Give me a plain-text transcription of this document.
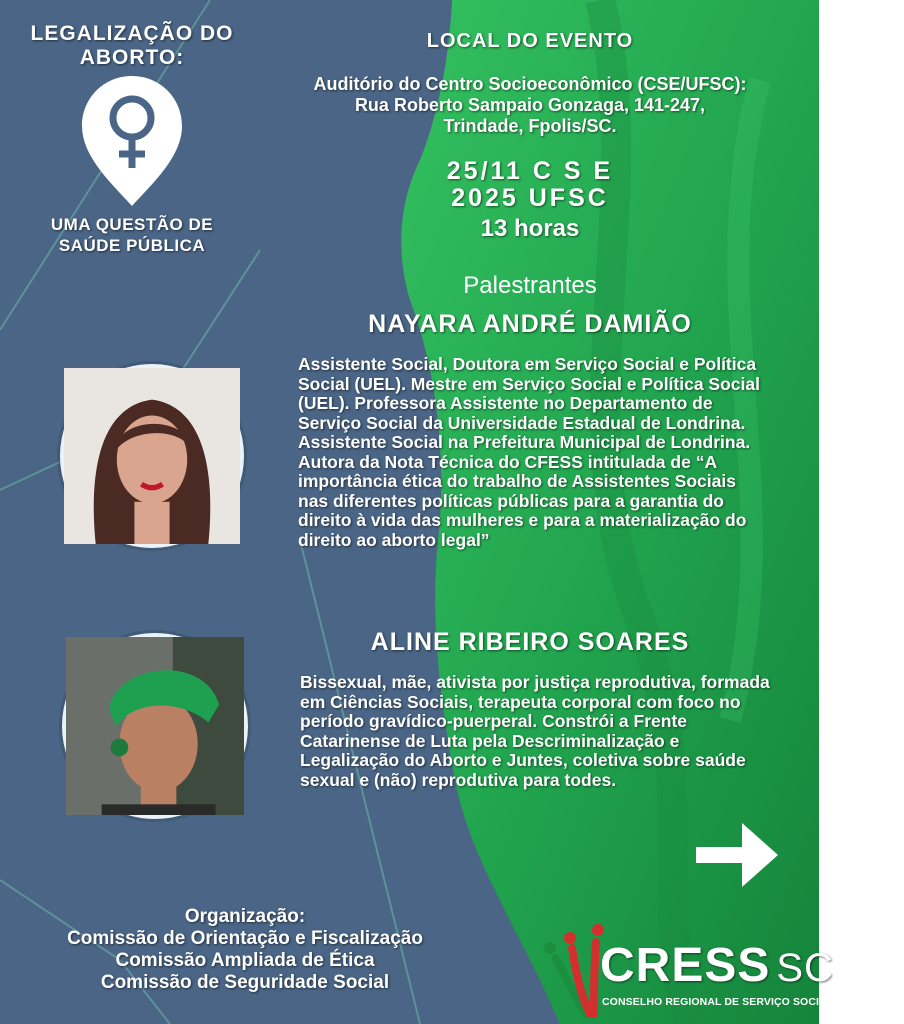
LEGALIZAÇÃO DO ABORTO:
UMA QUESTÃO DE SAÚDE PÚBLICA
LOCAL DO EVENTO
Auditório do Centro Socioeconômico (CSE/UFSC):
Rua Roberto Sampaio Gonzaga, 141-247,
Trindade, Fpolis/SC.
25/11 C S E
2025 UFSC
13 horas
Palestrantes
NAYARA ANDRÉ DAMIÃO
Assistente Social, Doutora em Serviço Social e Política Social (UEL). Mestre em Serviço Social e Política Social (UEL). Professora Assistente no Departamento de Serviço Social da Universidade Estadual de Londrina. Assistente Social na Prefeitura Municipal de Londrina. Autora da Nota Técnica do CFESS intitulada de “A importância ética do trabalho de Assistentes Sociais nas diferentes políticas públicas para a garantia do direito à vida das mulheres e para a materialização do direito ao aborto legal”
ALINE RIBEIRO SOARES
Bissexual, mãe, ativista por justiça reprodutiva, formada em Ciências Sociais, terapeuta corporal com foco no período gravídico-puerperal. Constrói a Frente Catarinense de Luta pela Descriminalização e Legalização do Aborto e Juntes, coletiva sobre saúde sexual e (não) reprodutiva para todes.
Organização:
Comissão de Orientação e Fiscalização
Comissão Ampliada de Ética
Comissão de Seguridade Social	CRESS SC
CONSELHO REGIONAL DE SERVIÇO SOCIAL • 12ª REGIÃO
